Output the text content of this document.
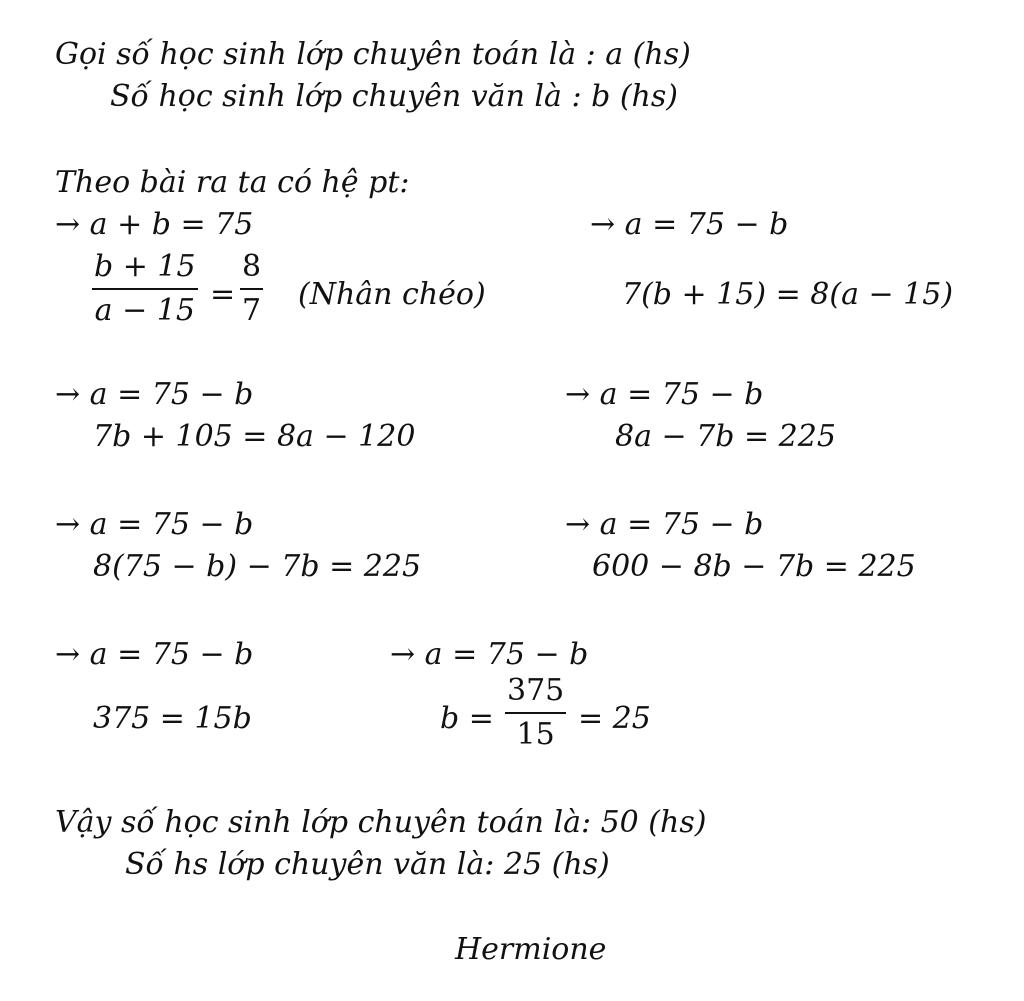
Gọi số học sinh lớp chuyên toán là : a (hs)
Số học sinh lớp chuyên văn là : b (hs)
Theo bài ra ta có hệ pt:
→ a + b = 75
b + 15
a − 15 =
8
7 (Nhân chéo)
→ a = 75 − b
7(b + 15) = 8(a − 15)
→ a = 75 − b
7b + 105 = 8a − 120
→ a = 75 − b
8a − 7b = 225
→ a = 75 − b
8(75 − b) − 7b = 225
→ a = 75 − b
600 − 8b − 7b = 225
→ a = 75 − b
375 = 15b
→ a = 75 − b
b =
375
15 = 25
Vậy số học sinh lớp chuyên toán là: 50 (hs)
Số hs lớp chuyên văn là: 25 (hs)
Hermione
